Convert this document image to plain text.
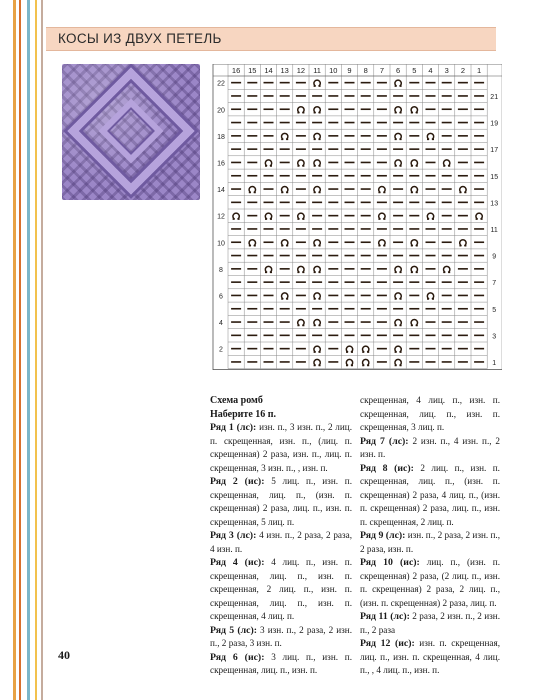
КОСЫ ИЗ ДВУХ ПЕТЕЛЬ
16 15 14 13 12 11 10 9 8 7 6 5 4 3 2 1
22
21
20
19
18
17
16
15
14
13
12
11
10
9
8
7
6
5
4
3
2
1

Схема ромб

Наберите 16 п.

Ряд 1 (лс): изн. п., 3 изн. п., 2 лиц. п. скрещенная, изн. п., (лиц. п. скрещенная) 2 раза, изн. п., лиц. п. скрещенная, 3 изн. п., , изн. п.

Ряд 2 (ис): 5 лиц. п., изн. п. скрещенная, лиц. п., (изн. п. скрещенная) 2 раза, лиц. п., изн. п. скрещенная, 5 лиц. п.

Ряд 3 (лс): 4 изн. п., 2 раза, 2 раза, 4 изн. п.

Ряд 4 (ис): 4 лиц. п., изн. п. скрещенная, лиц. п., изн. п. скрещенная, 2 лиц. п., изн. п. скрещенная, лиц. п., изн. п. скрещенная, 4 лиц. п.

Ряд 5 (лс): 3 изн. п., 2 раза, 2 изн. п., 2 раза, 3 изн. п.

Ряд 6 (ис): 3 лиц. п., изн. п. скрещенная, лиц. п., изн. п.

скрещенная, 4 лиц. п., изн. п. скрещенная, лиц. п., изн. п. скрещенная, 3 лиц. п.

Ряд 7 (лс): 2 изн. п., 4 изн. п., 2 изн. п.

Ряд 8 (ис): 2 лиц. п., изн. п. скрещенная, лиц. п., (изн. п. скрещенная) 2 раза, 4 лиц. п., (изн. п. скрещенная) 2 раза, лиц. п., изн. п. скрещенная, 2 лиц. п.

Ряд 9 (лс): изн. п., 2 раза, 2 изн. п., 2 раза, изн. п.

Ряд 10 (ис): лиц. п., (изн. п. скрещенная) 2 раза, (2 лиц. п., изн. п. скрещенная) 2 раза, 2 лиц. п., (изн. п. скрещенная) 2 раза, лиц. п.

Ряд 11 (лс): 2 раза, 2 изн. п., 2 изн. п., 2 раза

Ряд 12 (ис): изн. п. скрещенная, лиц. п., изн. п. скрещенная, 4 лиц. п., , 4 лиц. п., изн. п.

40
